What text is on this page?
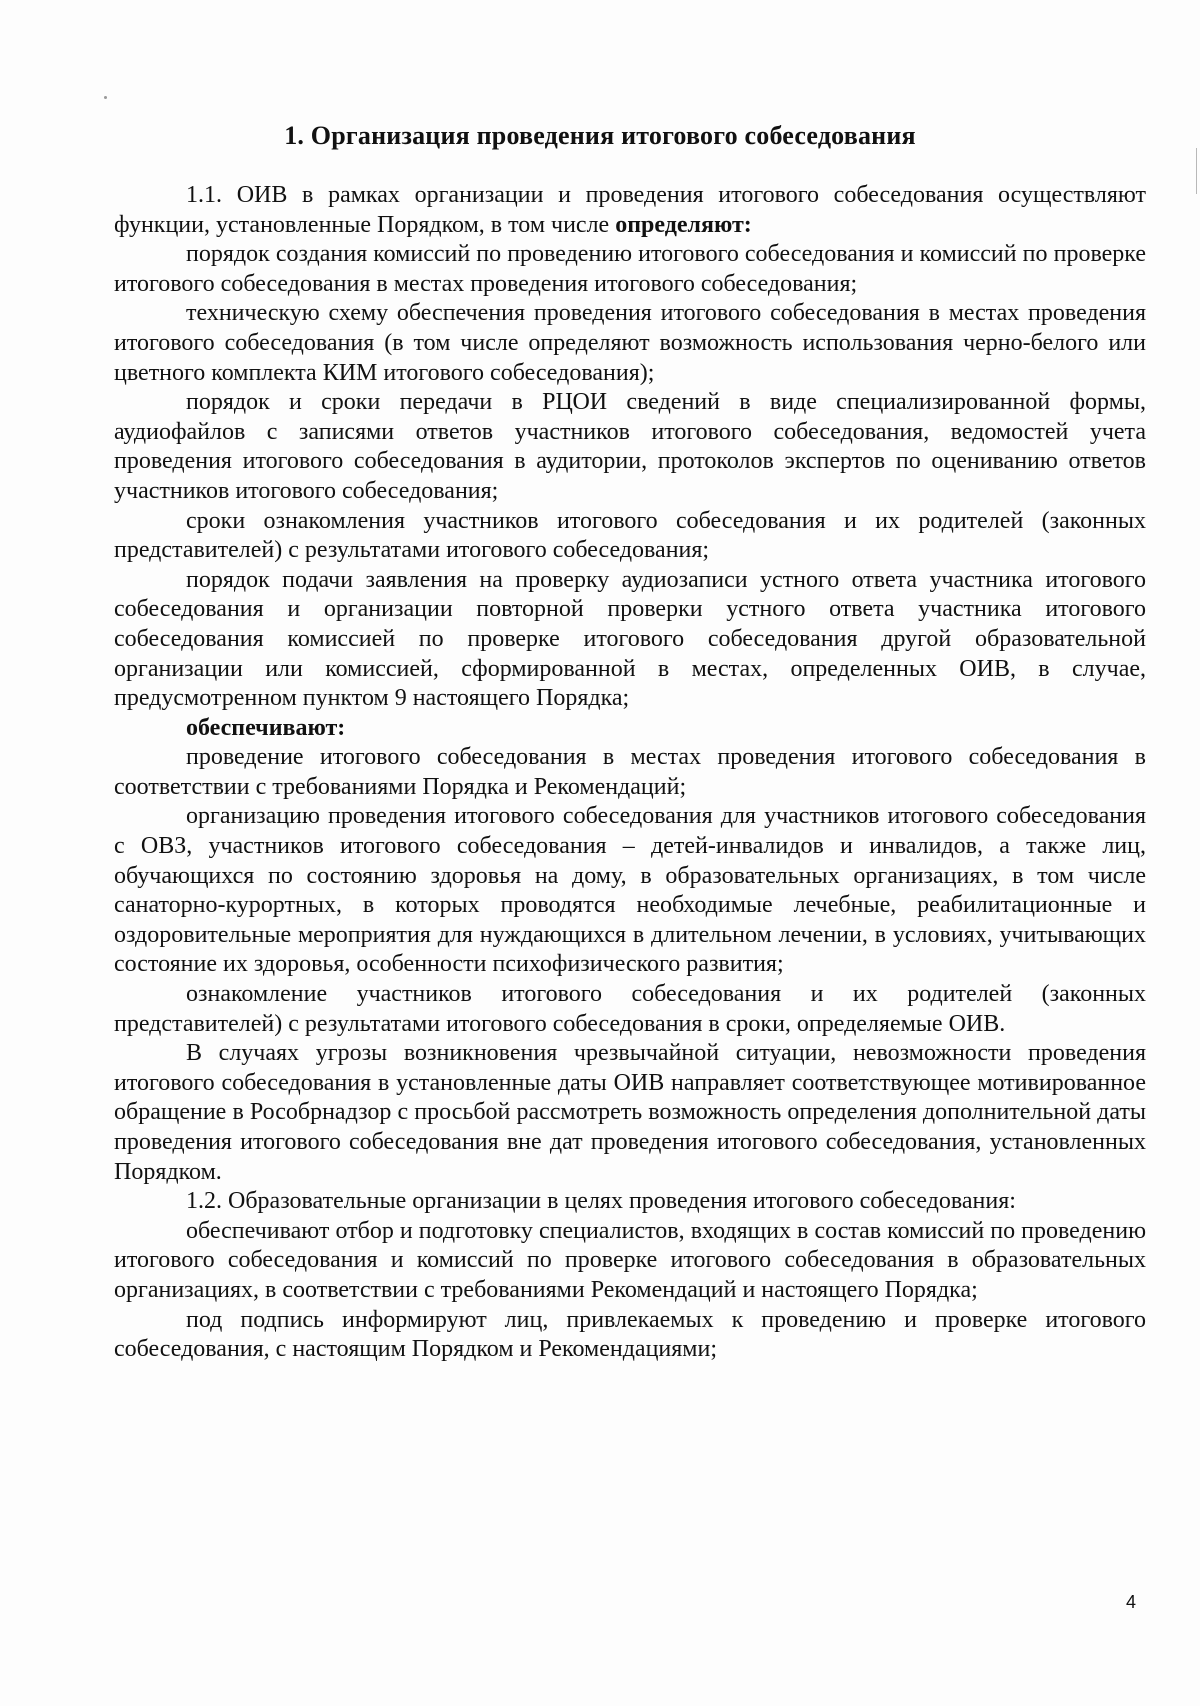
1. Организация проведения итогового собеседования

1.1. ОИВ в рамках организации и проведения итогового собеседования осуществляют функции, установленные Порядком, в том числе определяют:

порядок создания комиссий по проведению итогового собеседования и комиссий по проверке итогового собеседования в местах проведения итогового собеседования;

техническую схему обеспечения проведения итогового собеседования в местах проведения итогового собеседования (в том числе определяют возможность использования черно-белого или цветного комплекта КИМ итогового собеседования);

порядок и сроки передачи в РЦОИ сведений в виде специализированной формы, аудиофайлов с записями ответов участников итогового собеседования, ведомостей учета проведения итогового собеседования в аудитории, протоколов экспертов по оцениванию ответов участников итогового собеседования;

сроки ознакомления участников итогового собеседования и их родителей (законных представителей) с результатами итогового собеседования;

порядок подачи заявления на проверку аудиозаписи устного ответа участника итогового собеседования и организации повторной проверки устного ответа участника итогового собеседования комиссией по проверке итогового собеседования другой образовательной организации или комиссией, сформированной в местах, определенных ОИВ, в случае, предусмотренном пунктом 9 настоящего Порядка;

обеспечивают:

проведение итогового собеседования в местах проведения итогового собеседования в соответствии с требованиями Порядка и Рекомендаций;

организацию проведения итогового собеседования для участников итогового собеседования с ОВЗ, участников итогового собеседования – детей-инвалидов и инвалидов, а также лиц, обучающихся по состоянию здоровья на дому, в образовательных организациях, в том числе санаторно-курортных, в которых проводятся необходимые лечебные, реабилитационные и оздоровительные мероприятия для нуждающихся в длительном лечении, в условиях, учитывающих состояние их здоровья, особенности психофизического развития;

ознакомление участников итогового собеседования и их родителей (законных представителей) с результатами итогового собеседования в сроки, определяемые ОИВ.

В случаях угрозы возникновения чрезвычайной ситуации, невозможности проведения итогового собеседования в установленные даты ОИВ направляет соответствующее мотивированное обращение в Рособрнадзор с просьбой рассмотреть возможность определения дополнительной даты проведения итогового собеседования вне дат проведения итогового собеседования, установленных Порядком.

1.2. Образовательные организации в целях проведения итогового собеседования:

обеспечивают отбор и подготовку специалистов, входящих в состав комиссий по проведению итогового собеседования и комиссий по проверке итогового собеседования в образовательных организациях, в соответствии с требованиями Рекомендаций и настоящего Порядка;

под подпись информируют лиц, привлекаемых к проведению и проверке итогового собеседования, с настоящим Порядком и Рекомендациями;

4
